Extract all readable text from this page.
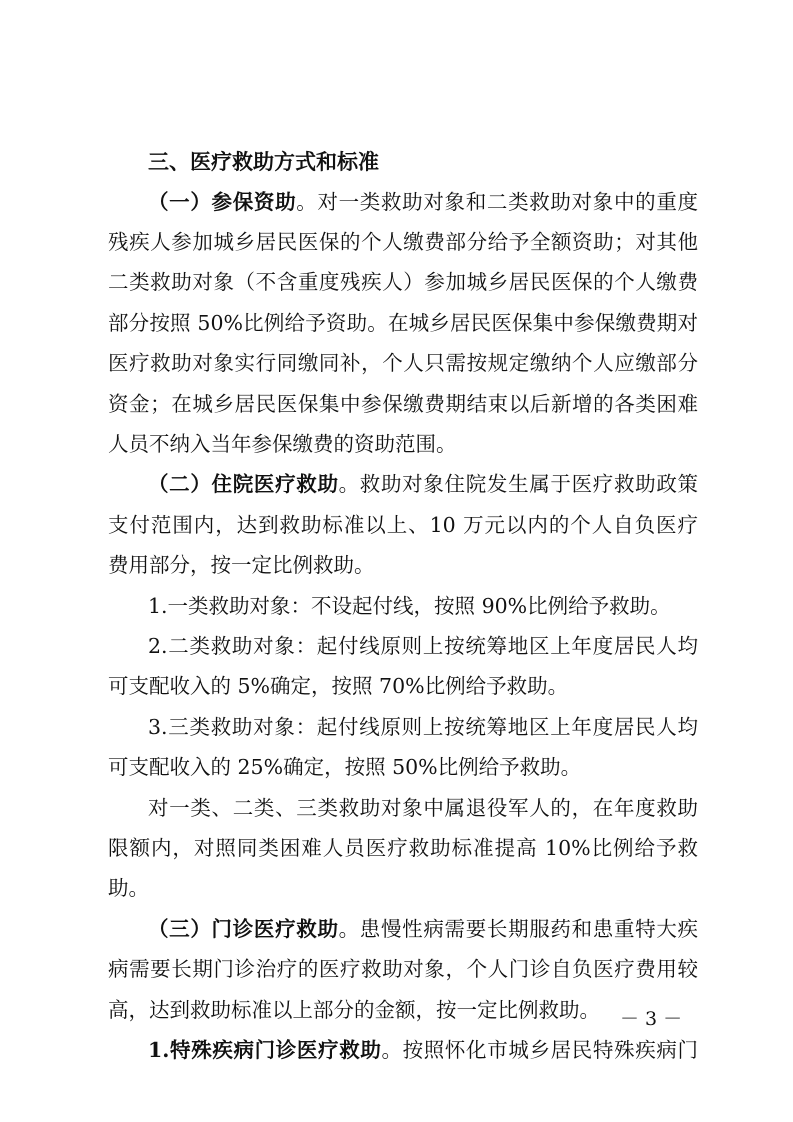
三、医疗救助方式和标准
（一）参保资助。对一类救助对象和二类救助对象中的重度
残疾人参加城乡居民医保的个人缴费部分给予全额资助；对其他
二类救助对象（不含重度残疾人）参加城乡居民医保的个人缴费
部分按照 50%比例给予资助。在城乡居民医保集中参保缴费期对
医疗救助对象实行同缴同补，个人只需按规定缴纳个人应缴部分
资金；在城乡居民医保集中参保缴费期结束以后新增的各类困难
人员不纳入当年参保缴费的资助范围。
（二）住院医疗救助。救助对象住院发生属于医疗救助政策
支付范围内，达到救助标准以上、10 万元以内的个人自负医疗
费用部分，按一定比例救助。
1.一类救助对象：不设起付线，按照 90%比例给予救助。
2.二类救助对象：起付线原则上按统筹地区上年度居民人均
可支配收入的 5%确定，按照 70%比例给予救助。
3.三类救助对象：起付线原则上按统筹地区上年度居民人均
可支配收入的 25%确定，按照 50%比例给予救助。
对一类、二类、三类救助对象中属退役军人的，在年度救助
限额内，对照同类困难人员医疗救助标准提高 10%比例给予救
助。
（三）门诊医疗救助。患慢性病需要长期服药和患重特大疾
病需要长期门诊治疗的医疗救助对象，个人门诊自负医疗费用较
高，达到救助标准以上部分的金额，按一定比例救助。
1.特殊疾病门诊医疗救助。按照怀化市城乡居民特殊疾病门
－ 3 －
